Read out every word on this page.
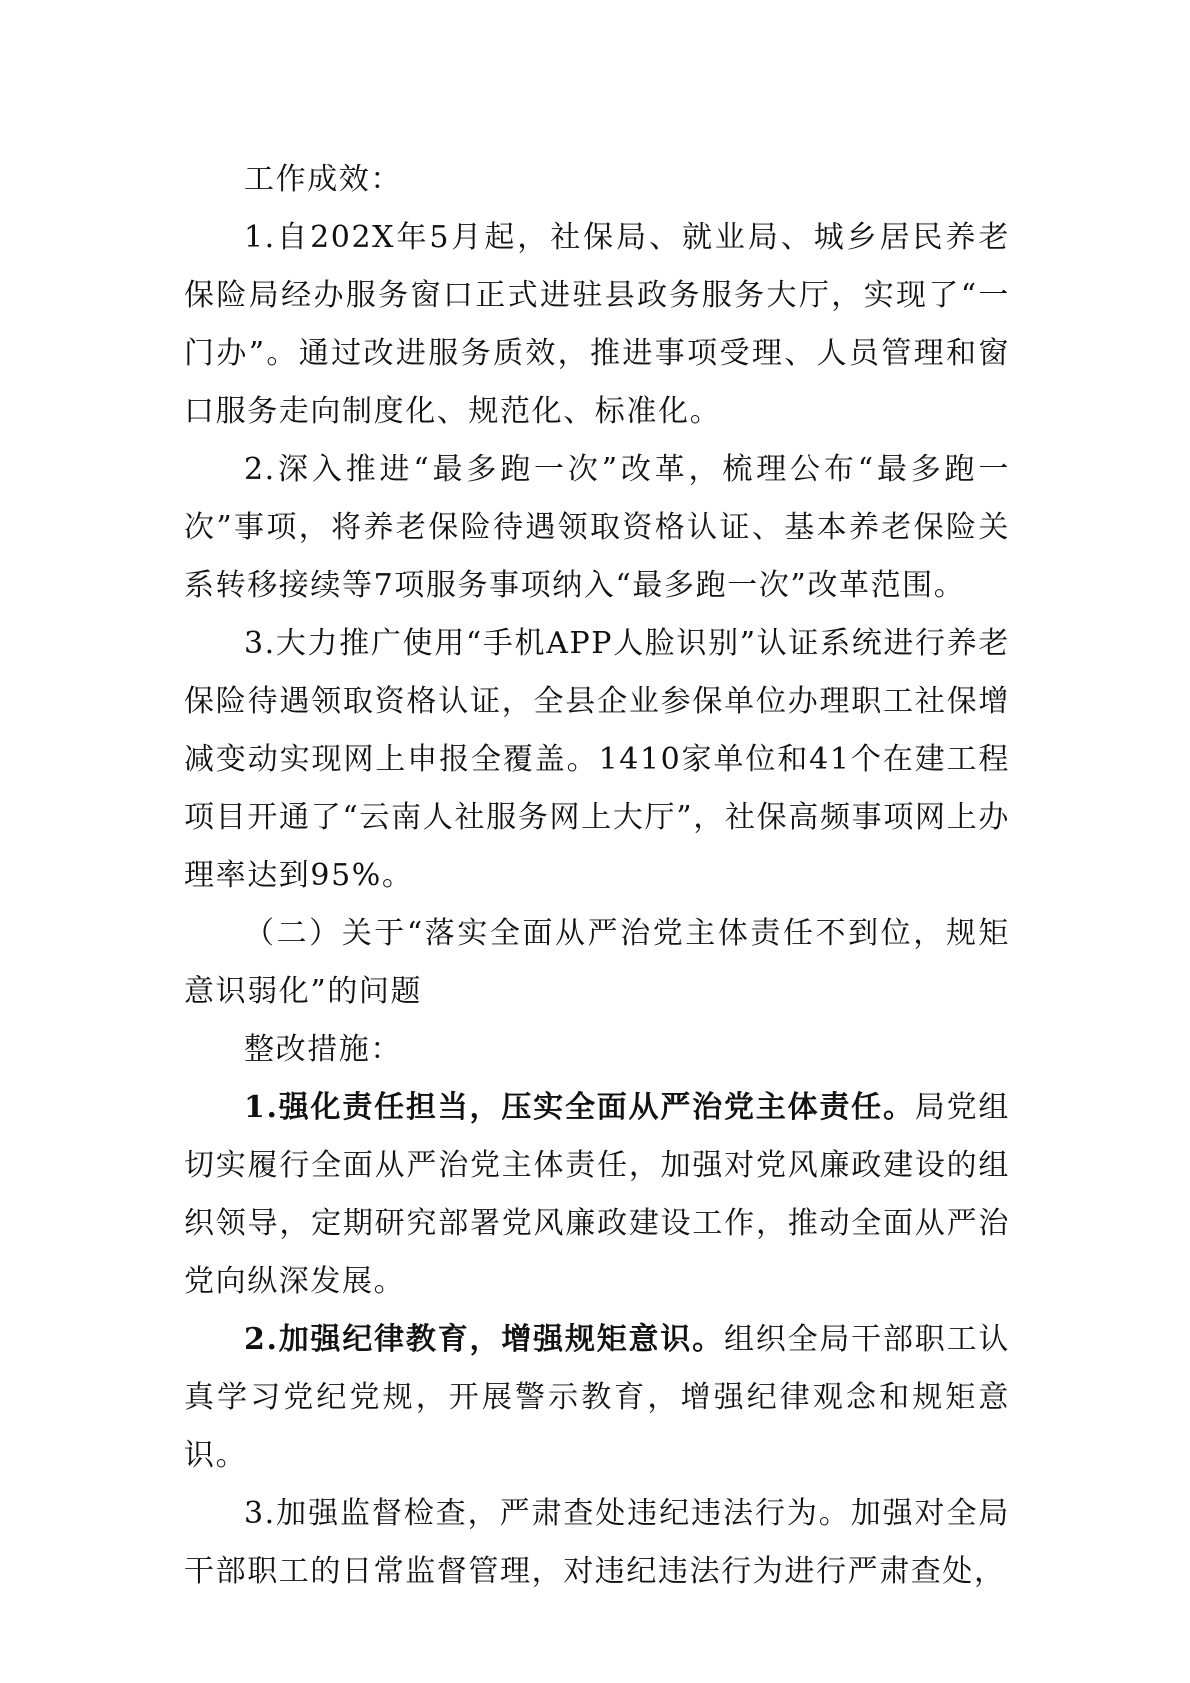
工作成效：

1.自202X年5月起，社保局、就业局、城乡居民养老保险局经办服务窗口正式进驻县政务服务大厅，实现了“一门办”。通过改进服务质效，推进事项受理、人员管理和窗口服务走向制度化、规范化、标准化。

2.深入推进“最多跑一次”改革，梳理公布“最多跑一次”事项，将养老保险待遇领取资格认证、基本养老保险关系转移接续等7项服务事项纳入“最多跑一次”改革范围。

3.大力推广使用“手机APP人脸识别”认证系统进行养老保险待遇领取资格认证，全县企业参保单位办理职工社保增减变动实现网上申报全覆盖。1410家单位和41个在建工程项目开通了“云南人社服务网上大厅”，社保高频事项网上办理率达到95%。

（二）关于“落实全面从严治党主体责任不到位，规矩意识弱化”的问题

整改措施：

1.强化责任担当，压实全面从严治党主体责任。局党组切实履行全面从严治党主体责任，加强对党风廉政建设的组织领导，定期研究部署党风廉政建设工作，推动全面从严治党向纵深发展。

2.加强纪律教育，增强规矩意识。组织全局干部职工认真学习党纪党规，开展警示教育，增强纪律观念和规矩意识。

3.加强监督检查，严肃查处违纪违法行为。加强对全局干部职工的日常监督管理，对违纪违法行为进行严肃查处，
